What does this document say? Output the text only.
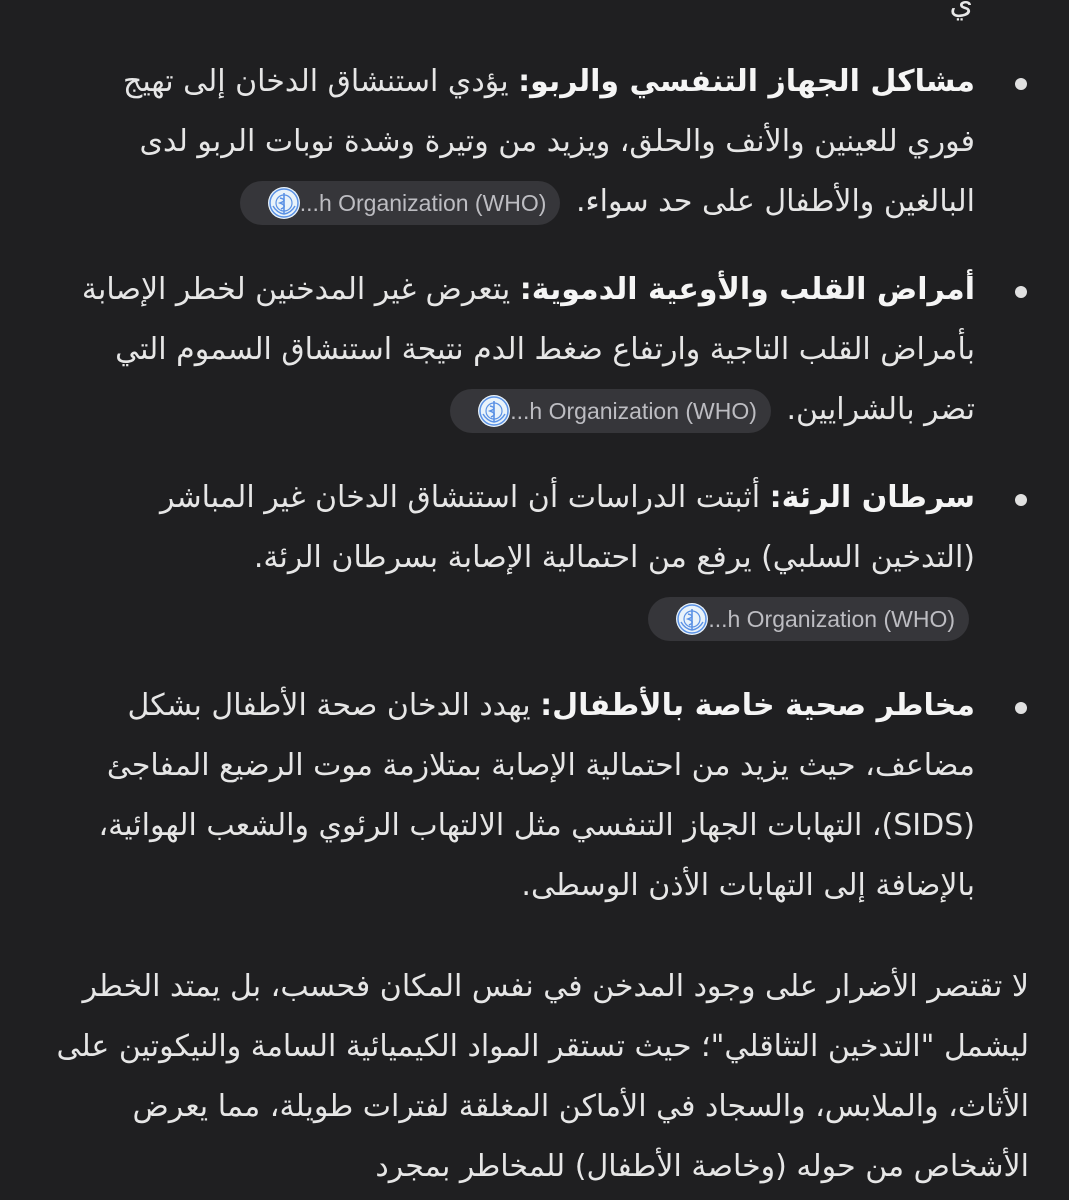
ي
مشاكل الجهاز التنفسي والربو: يؤدي استنشاق الدخان إلى تهيج فوري للعينين والأنف والحلق، ويزيد من وتيرة وشدة نوبات الربو لدى البالغين والأطفال على حد سواء.
...h Organization (WHO)
أمراض القلب والأوعية الدموية: يتعرض غير المدخنين لخطر الإصابة بأمراض القلب التاجية وارتفاع ضغط الدم نتيجة استنشاق السموم التي تضر بالشرايين.
...h Organization (WHO)
سرطان الرئة: أثبتت الدراسات أن استنشاق الدخان غير المباشر (التدخين السلبي) يرفع من احتمالية الإصابة بسرطان الرئة.
...h Organization (WHO)
مخاطر صحية خاصة بالأطفال: يهدد الدخان صحة الأطفال بشكل مضاعف، حيث يزيد من احتمالية الإصابة بمتلازمة موت الرضيع المفاجئ (SIDS)، التهابات الجهاز التنفسي مثل الالتهاب الرئوي والشعب الهوائية، بالإضافة إلى التهابات الأذن الوسطى.

لا تقتصر الأضرار على وجود المدخن في نفس المكان فحسب، بل يمتد الخطر ليشمل "التدخين التثاقلي"؛ حيث تستقر المواد الكيميائية السامة والنيكوتين على الأثاث، والملابس، والسجاد في الأماكن المغلقة لفترات طويلة، مما يعرض الأشخاص من حوله (وخاصة الأطفال) للمخاطر بمجرد
